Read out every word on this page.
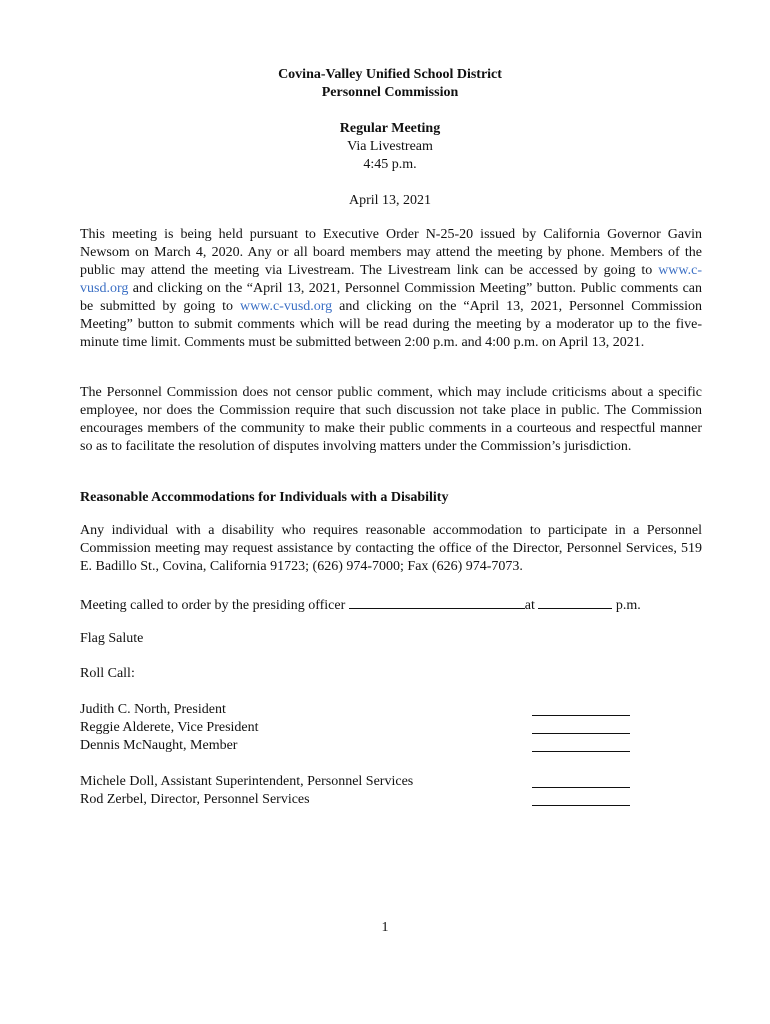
Covina-Valley Unified School District
Personnel Commission
Regular Meeting
Via Livestream
4:45 p.m.
April 13, 2021

This meeting is being held pursuant to Executive Order N-25-20 issued by California Governor Gavin Newsom on March 4, 2020. Any or all board members may attend the meeting by phone. Members of the public may attend the meeting via Livestream. The Livestream link can be accessed by going to www.c-vusd.org and clicking on the “April 13, 2021, Personnel Commission Meeting” button. Public comments can be submitted by going to www.c-vusd.org and clicking on the “April 13, 2021, Personnel Commission Meeting” button to submit comments which will be read during the meeting by a moderator up to the five-minute time limit. Comments must be submitted between 2:00 p.m. and 4:00 p.m. on April 13, 2021.

The Personnel Commission does not censor public comment, which may include criticisms about a specific employee, nor does the Commission require that such discussion not take place in public. The Commission encourages members of the community to make their public comments in a courteous and respectful manner so as to facilitate the resolution of disputes involving matters under the Commission’s jurisdiction.

Reasonable Accommodations for Individuals with a Disability

Any individual with a disability who requires reasonable accommodation to participate in a Personnel Commission meeting may request assistance by contacting the office of the Director, Personnel Services, 519 E. Badillo St., Covina, California 91723; (626) 974-7000; Fax (626) 974-7073.

Meeting called to order by the presiding officer	at	p.m.
Flag Salute
Roll Call:
Judith C. North, President
Reggie Alderete, Vice President
Dennis McNaught, Member
Michele Doll, Assistant Superintendent, Personnel Services
Rod Zerbel, Director, Personnel Services
1
